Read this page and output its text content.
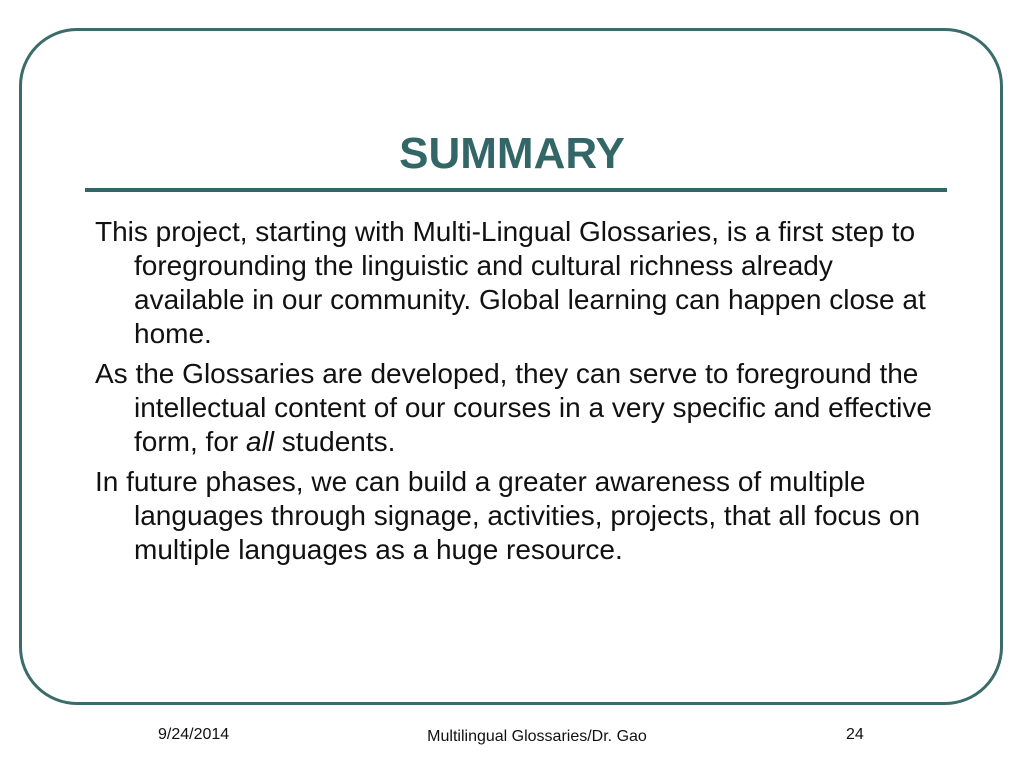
SUMMARY
This project, starting with Multi-Lingual Glossaries, is a first step to foregrounding the linguistic and cultural richness already available in our community. Global learning can happen close at home.
As the Glossaries are developed, they can serve to foreground the intellectual content of our courses in a very specific and effective form, for all students.
In future phases, we can build a greater awareness of multiple languages through signage, activities, projects, that all focus on multiple languages as a huge resource.

9/24/2014	Multilingual Glossaries/Dr. Gao	24
